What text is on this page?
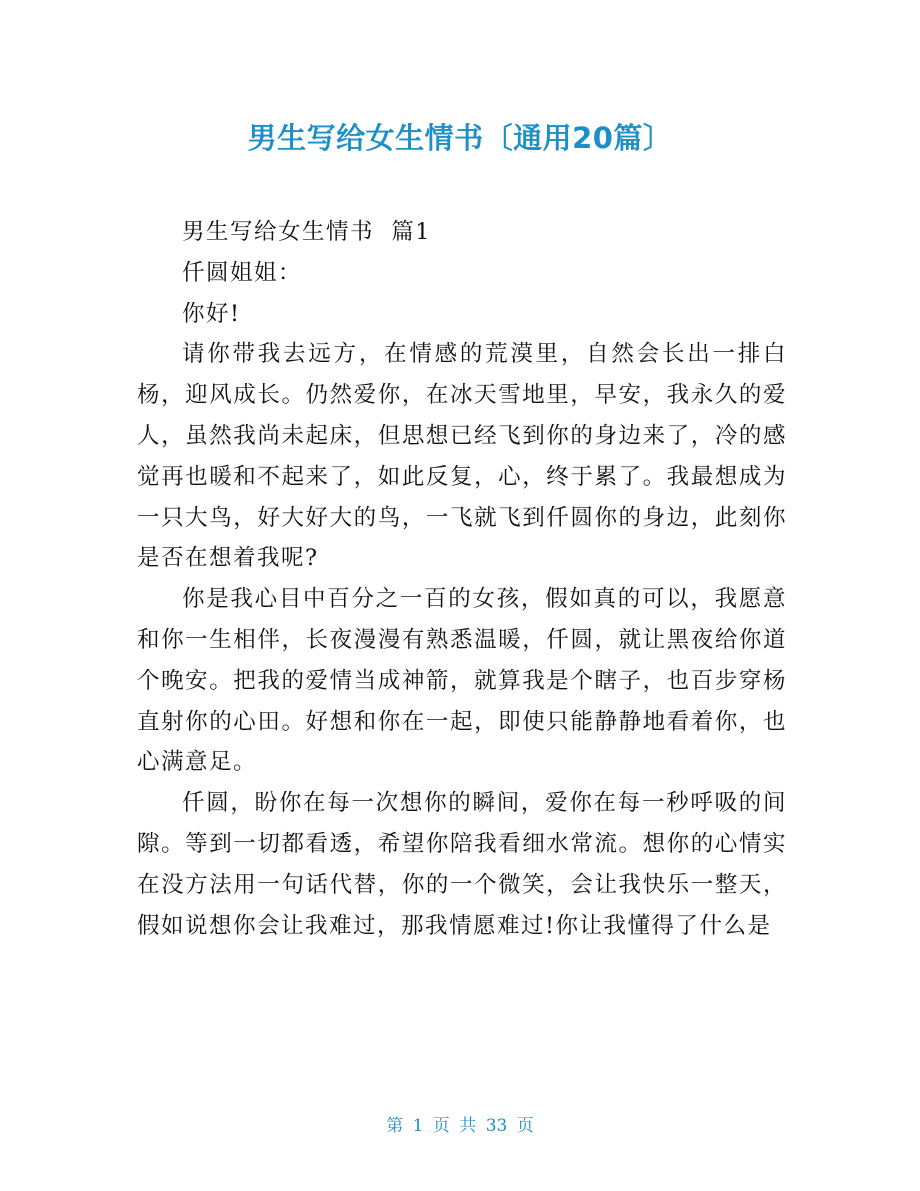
男生写给女生情书〔通用20篇〕

男生写给女生情书  篇1

仟圆姐姐：

你好!

请你带我去远方，在情感的荒漠里，自然会长出一排白杨，迎风成长。仍然爱你，在冰天雪地里，早安，我永久的爱人，虽然我尚未起床，但思想已经飞到你的身边来了，冷的感觉再也暖和不起来了，如此反复，心，终于累了。我最想成为一只大鸟，好大好大的鸟，一飞就飞到仟圆你的身边，此刻你是否在想着我呢?

你是我心目中百分之一百的女孩，假如真的可以，我愿意和你一生相伴，长夜漫漫有熟悉温暖，仟圆，就让黑夜给你道个晚安。把我的爱情当成神箭，就算我是个瞎子，也百步穿杨直射你的心田。好想和你在一起，即使只能静静地看着你，也心满意足。

仟圆，盼你在每一次想你的瞬间，爱你在每一秒呼吸的间隙。等到一切都看透，希望你陪我看细水常流。想你的心情实在没方法用一句话代替，你的一个微笑，会让我快乐一整天，假如说想你会让我难过，那我情愿难过!你让我懂得了什么是

第 1 页 共 33 页
